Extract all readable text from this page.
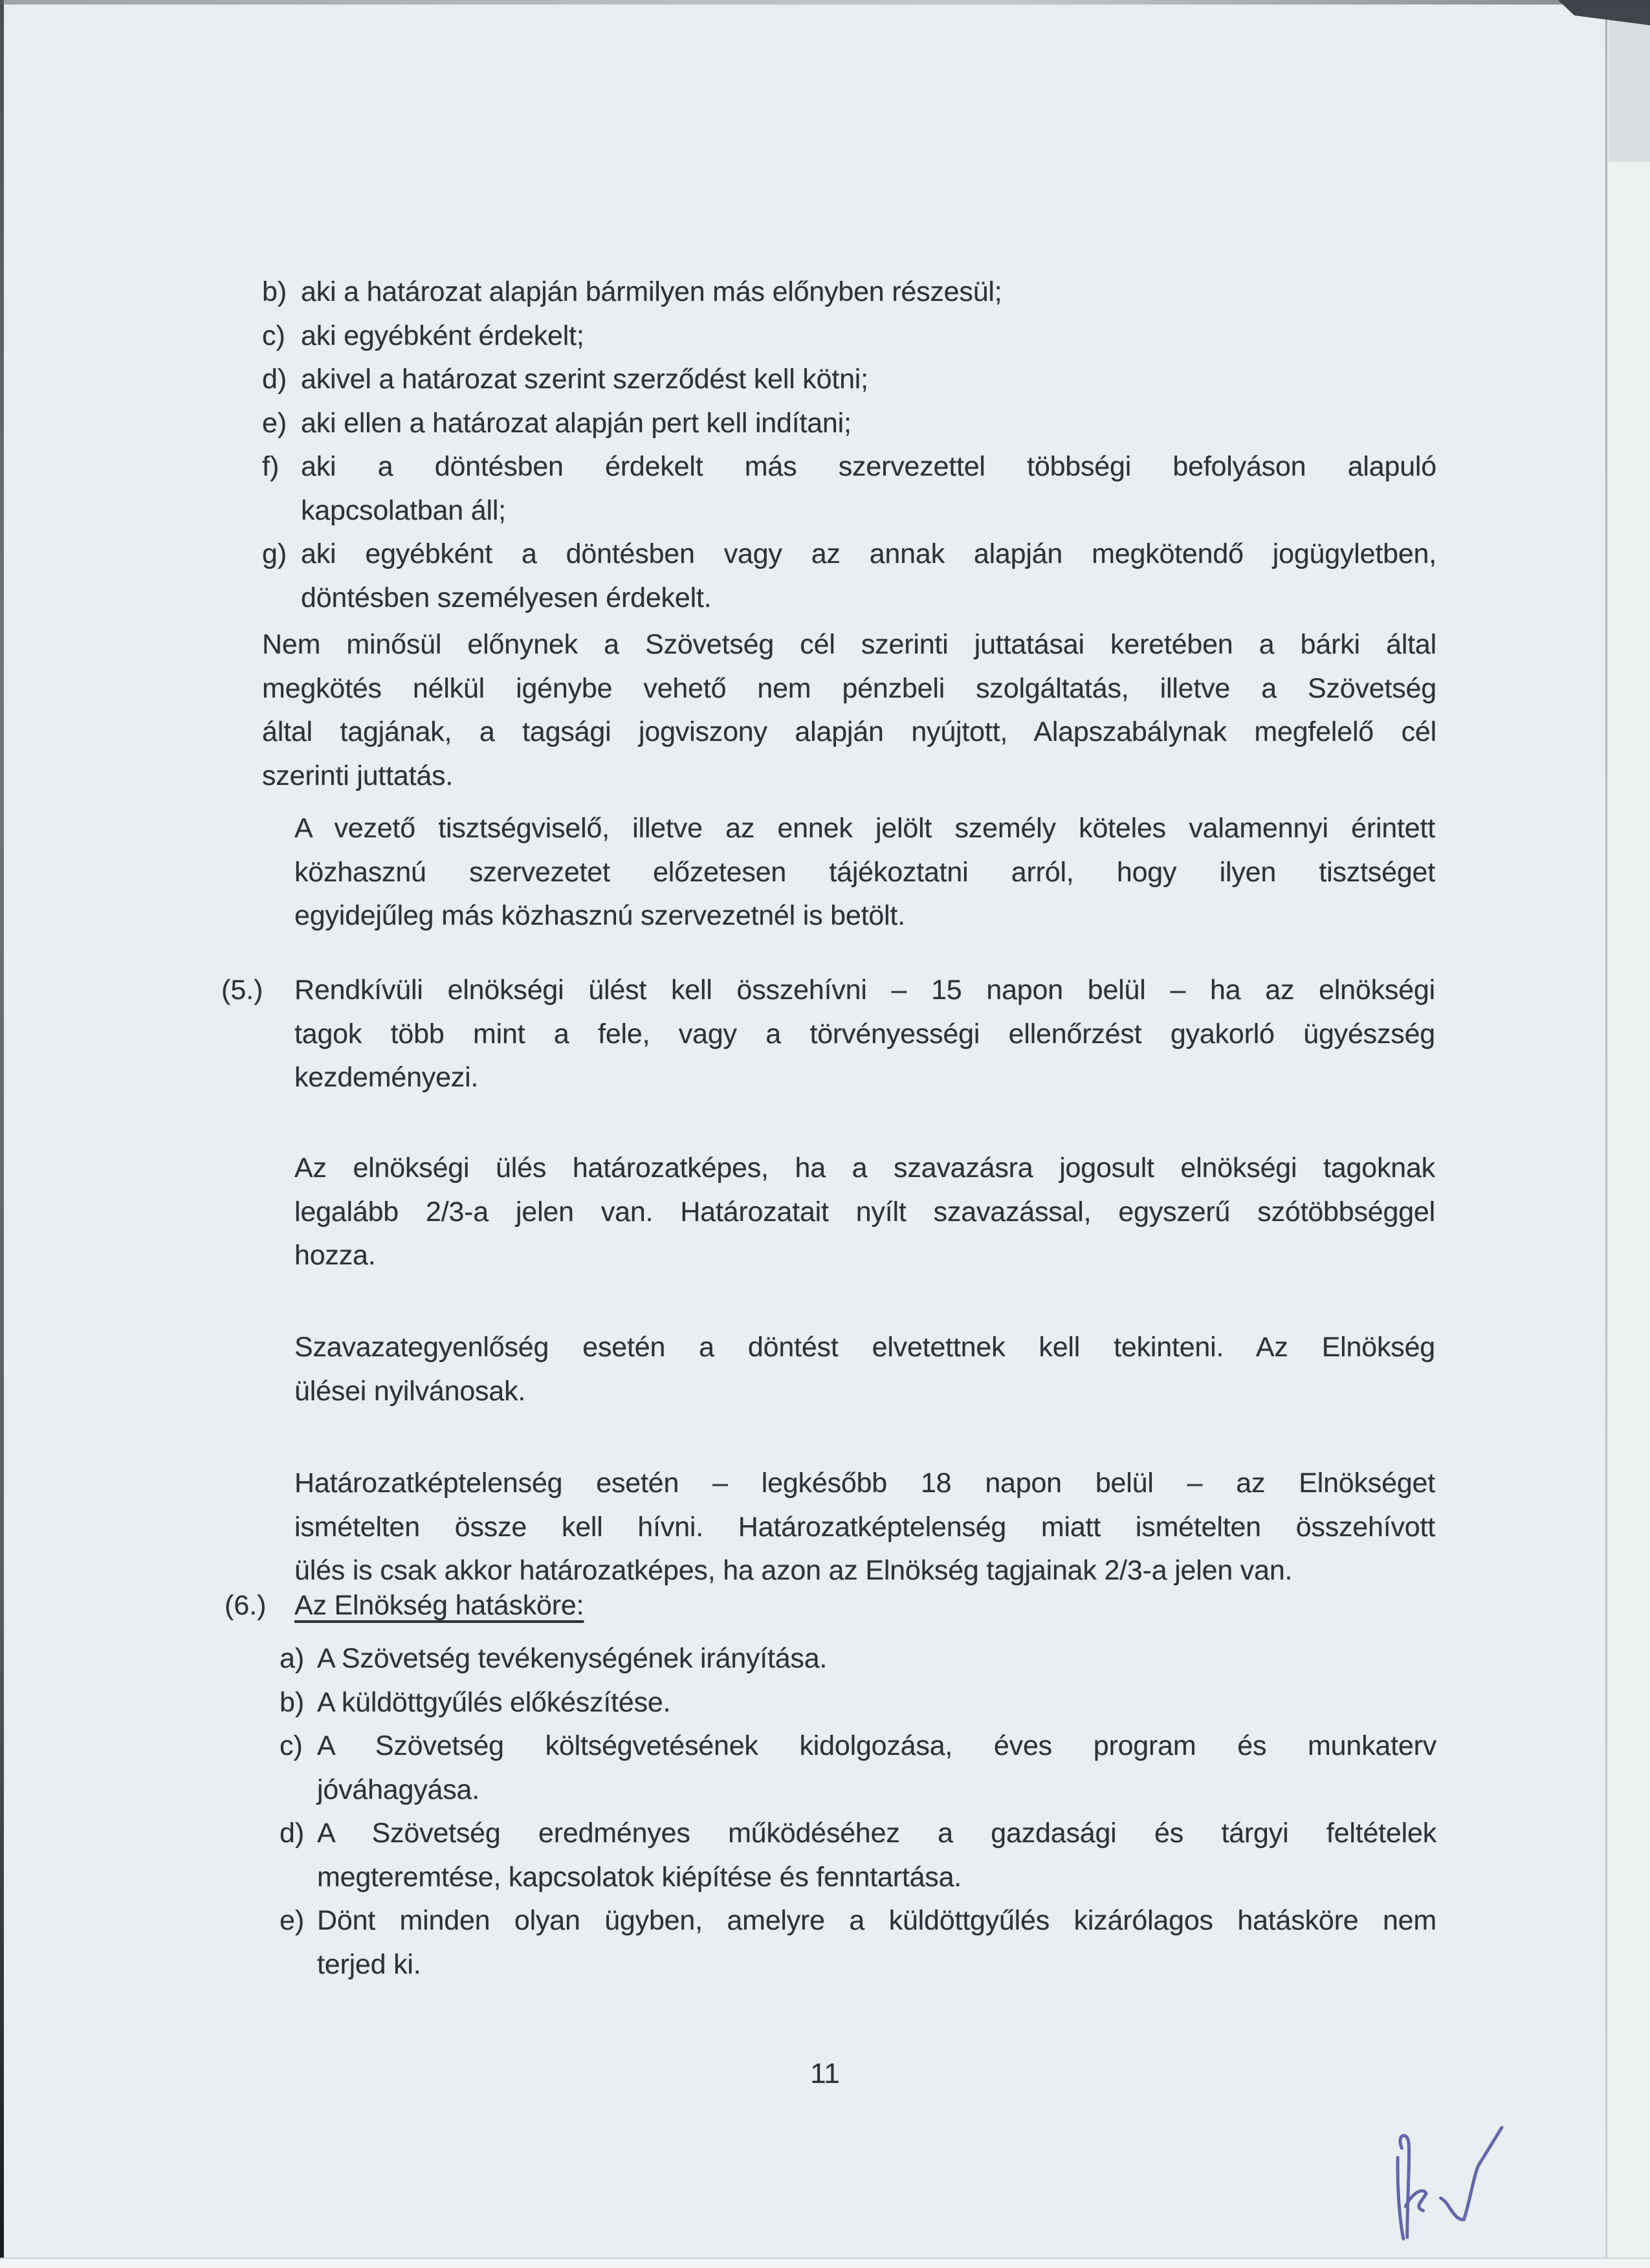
b) aki a határozat alapján bármilyen más előnyben részesül;
c) aki egyébként érdekelt;
d) akivel a határozat szerint szerződést kell kötni;
e) aki ellen a határozat alapján pert kell indítani;
f) aki a döntésben érdekelt más szervezettel többségi befolyáson alapuló
kapcsolatban áll;
g) aki egyébként a döntésben vagy az annak alapján megkötendő jogügyletben,
döntésben személyesen érdekelt.
Nem minősül előnynek a Szövetség cél szerinti juttatásai keretében a bárki által
megkötés nélkül igénybe vehető nem pénzbeli szolgáltatás, illetve a Szövetség
által tagjának, a tagsági jogviszony alapján nyújtott, Alapszabálynak megfelelő cél
szerinti juttatás.
A vezető tisztségviselő, illetve az ennek jelölt személy köteles valamennyi érintett
közhasznú szervezetet előzetesen tájékoztatni arról, hogy ilyen tisztséget
egyidejűleg más közhasznú szervezetnél is betölt.
(5.) Rendkívüli elnökségi ülést kell összehívni – 15 napon belül – ha az elnökségi
tagok több mint a fele, vagy a törvényességi ellenőrzést gyakorló ügyészség
kezdeményezi.
Az elnökségi ülés határozatképes, ha a szavazásra jogosult elnökségi tagoknak
legalább 2/3-a jelen van. Határozatait nyílt szavazással, egyszerű szótöbbséggel
hozza.
Szavazategyenlőség esetén a döntést elvetettnek kell tekinteni. Az Elnökség
ülései nyilvánosak.
Határozatképtelenség esetén – legkésőbb 18 napon belül – az Elnökséget
ismételten össze kell hívni. Határozatképtelenség miatt ismételten összehívott
ülés is csak akkor határozatképes, ha azon az Elnökség tagjainak 2/3-a jelen van.
(6.) Az Elnökség hatásköre:
a) A Szövetség tevékenységének irányítása.
b) A küldöttgyűlés előkészítése.
c) A Szövetség költségvetésének kidolgozása, éves program és munkaterv
jóváhagyása.
d) A Szövetség eredményes működéséhez a gazdasági és tárgyi feltételek
megteremtése, kapcsolatok kiépítése és fenntartása.
e) Dönt minden olyan ügyben, amelyre a küldöttgyűlés kizárólagos hatásköre nem
terjed ki.
11
